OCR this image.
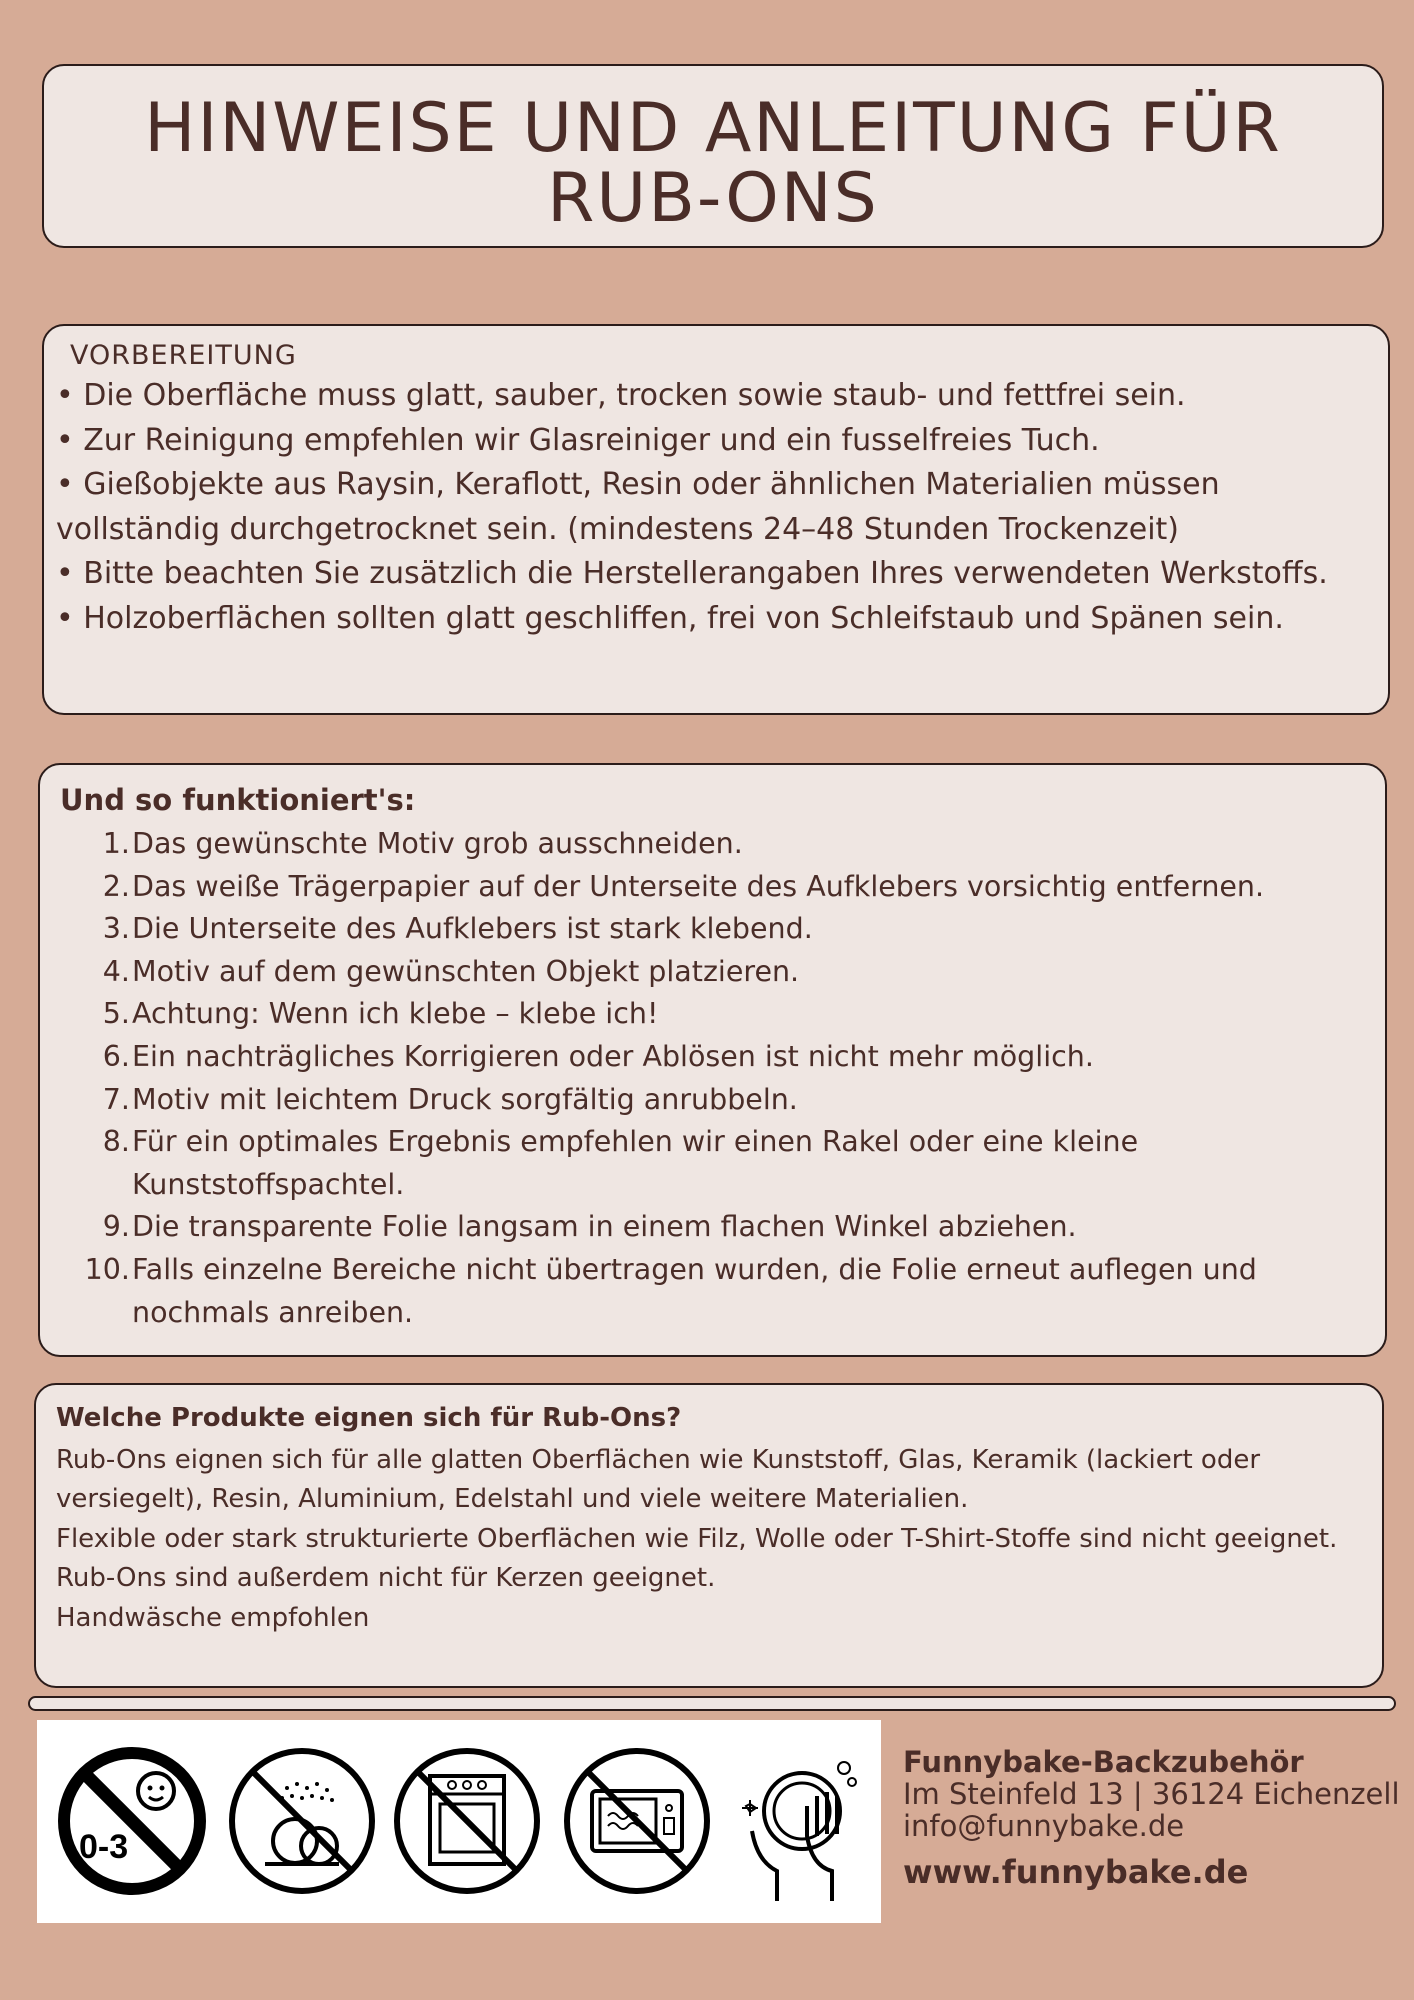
HINWEISE UND ANLEITUNG FÜR
RUB-ONS
VORBEREITUNG
• Die Oberfläche muss glatt, sauber, trocken sowie staub- und fettfrei sein.
• Zur Reinigung empfehlen wir Glasreiniger und ein fusselfreies Tuch.
• Gießobjekte aus Raysin, Keraflott, Resin oder ähnlichen Materialien müssen vollständig durchgetrocknet sein. (mindestens 24–48 Stunden Trockenzeit)
• Bitte beachten Sie zusätzlich die Herstellerangaben Ihres verwendeten Werkstoffs.
• Holzoberflächen sollten glatt geschliffen, frei von Schleifstaub und Spänen sein.
Und so funktioniert's:
1. Das gewünschte Motiv grob ausschneiden.
2. Das weiße Trägerpapier auf der Unterseite des Aufklebers vorsichtig entfernen.
3. Die Unterseite des Aufklebers ist stark klebend.
4. Motiv auf dem gewünschten Objekt platzieren.
5. Achtung: Wenn ich klebe – klebe ich!
6. Ein nachträgliches Korrigieren oder Ablösen ist nicht mehr möglich.
7. Motiv mit leichtem Druck sorgfältig anrubbeln.
8. Für ein optimales Ergebnis empfehlen wir einen Rakel oder eine kleine Kunststoffspachtel.
9. Die transparente Folie langsam in einem flachen Winkel abziehen.
10. Falls einzelne Bereiche nicht übertragen wurden, die Folie erneut auflegen und nochmals anreiben.
Welche Produkte eignen sich für Rub-Ons?
Rub-Ons eignen sich für alle glatten Oberflächen wie Kunststoff, Glas, Keramik (lackiert oder versiegelt), Resin, Aluminium, Edelstahl und viele weitere Materialien.
Flexible oder stark strukturierte Oberflächen wie Filz, Wolle oder T-Shirt-Stoffe sind nicht geeignet.
Rub-Ons sind außerdem nicht für Kerzen geeignet.
Handwäsche empfohlen
0-3
Funnybake-Backzubehör
Im Steinfeld 13 | 36124 Eichenzell
info@funnybake.de
www.funnybake.de
